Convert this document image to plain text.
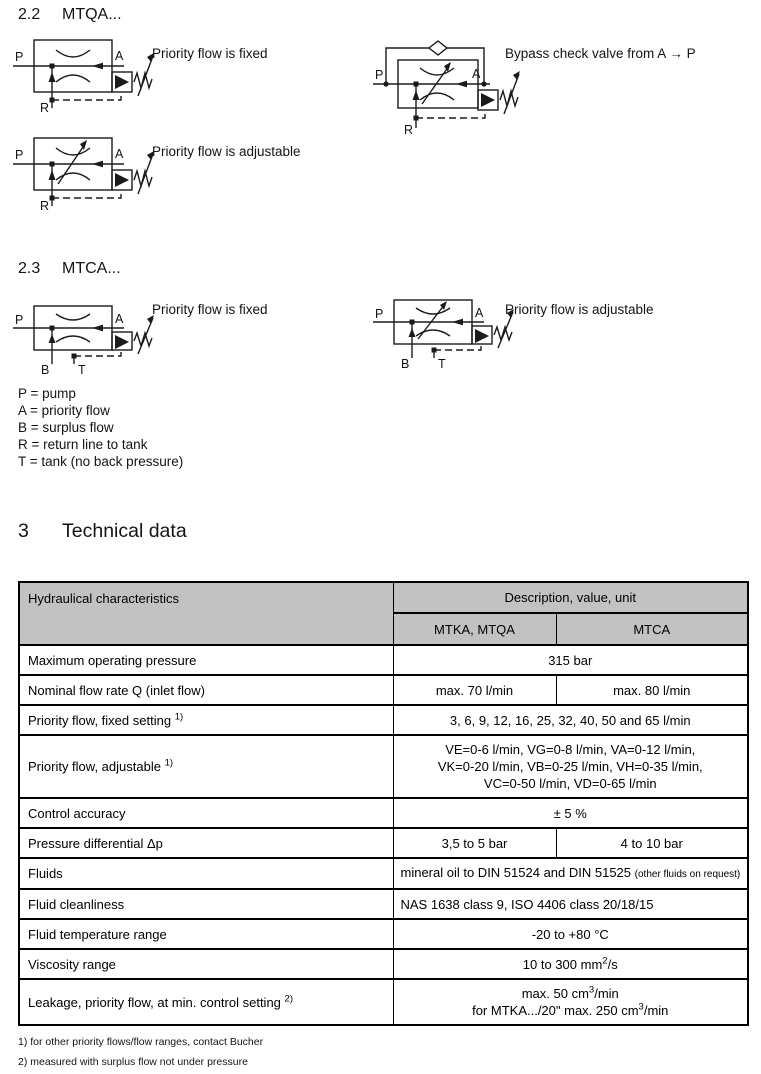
2.2	MTQA...
P	A
R
Priority flow is fixed
P	A
R
Bypass check valve from A → P
P	A
R
Priority flow is adjustable
2.3	MTCA...
P	A
B T
Priority flow is fixed	P	A
B T
Priority flow is adjustable
P = pump
A = priority flow
B = surplus flow
R = return line to tank
T = tank (no back pressure)
3	Technical data
Hydraulical characteristics	Description, value, unit	
	MTKA, MTQA	MTCA
Maximum operating pressure	315 bar	
Nominal flow rate Q (inlet flow)	max. 70 l/min	max. 80 l/min
Priority flow, fixed setting $^{1)}$	3, 6, 9, 12, 16, 25, 32, 40, 50 and 65 l/min	
Priority flow, adjustable $^{1)}$	VE=0-6 l/min, VG=0-8 l/min, VA=0-12 l/min,
VK=0-20 l/min, VB=0-25 l/min, VH=0-35 l/min,
VC=0-50 l/min, VD=0-65 l/min	
Control accuracy	± 5 %	
Pressure differential Δp	3,5 to 5 bar	4 to 10 bar
Fluids	mineral oil to DIN 51524 and DIN 51525 (other fluids on request)	
Fluid cleanliness	NAS 1638 class 9, ISO 4406 class 20/18/15	
Fluid temperature range	-20 to +80 °C	
Viscosity range	10 to 300 $mm^2/s$	
Leakage, priority flow, at min. control setting $^{2)}$	max. 50 $cm^3/\min$
for MTKA.../20" max. 250 $cm^3/\min$	
1) for other priority flows/flow ranges, contact Bucher
2) measured with surplus flow not under pressure
